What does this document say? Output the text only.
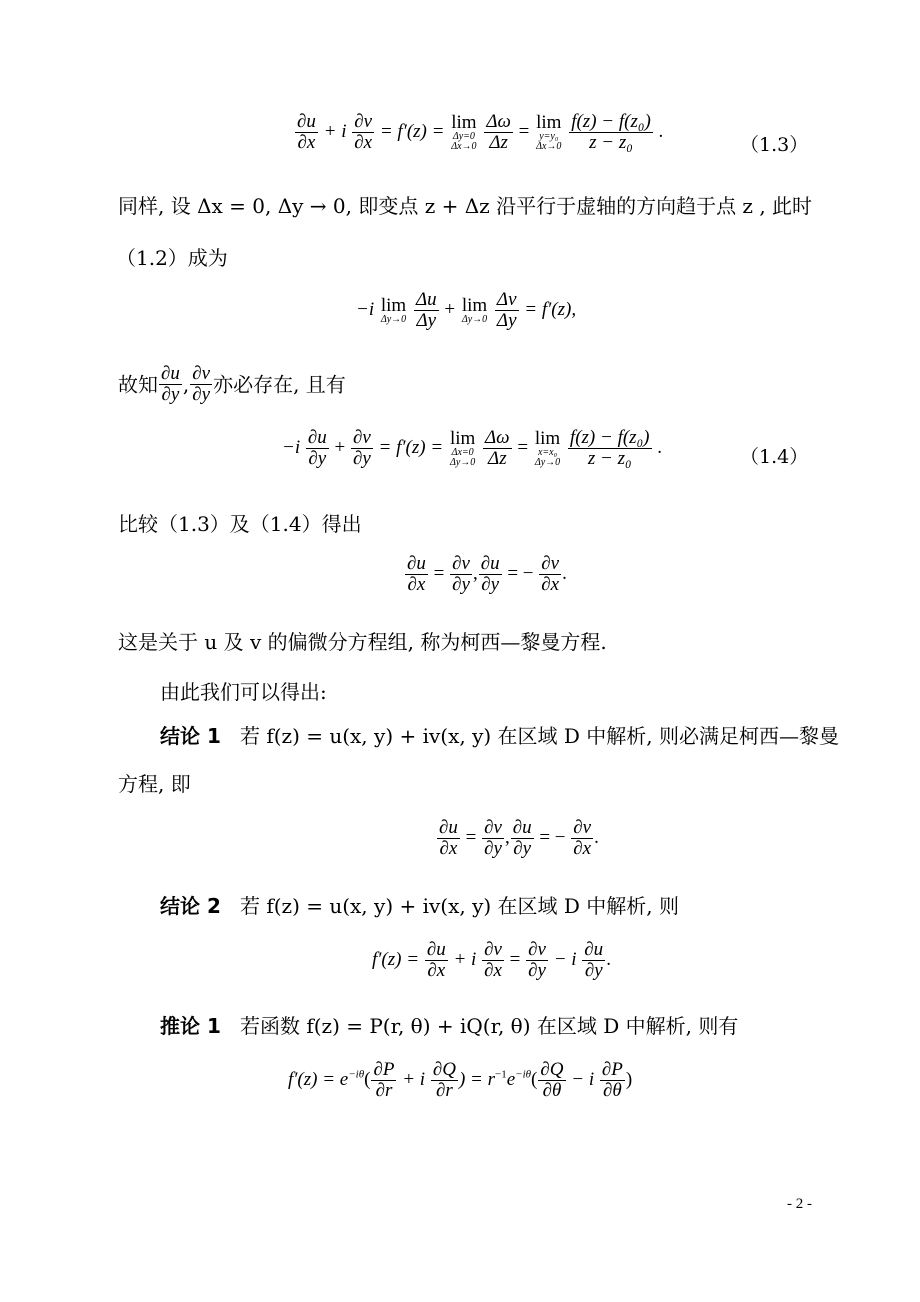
$\frac{\partial u}{\partial x} + i \frac{\partial v}{\partial x} = f'(z) = \lim$
Δy=0
Δx→0
$\frac{\Delta\omega}{\Delta z} = \lim$
y=y₀
Δx→0
$\frac{\text{f(z) − f(z₀)}}{\text{z − z₀}}$ .
（1.3）
同样, 设 Δx = 0, Δy → 0, 即变点 z + Δz 沿平行于虚轴的方向趋于点 z , 此时
（1.2）成为
−i lim
Δy→0
$\frac{\Delta u}{\Delta y} + \lim$
Δy→0
$\frac{\Delta v}{\Delta y} = f'(z)$,
故知 $\frac{\partial u}{\partial y}$ , $\frac{\partial v}{\partial y}$ 亦必存在, 且有
$-i \frac{\partial u}{\partial y} + \frac{\partial v}{\partial y} = f'(z) = \lim$
Δx=0
Δy→0
$\frac{\Delta\omega}{\Delta z} = \lim$
x=x₀
Δy→0
$\frac{\text{f(z) − f(z₀)}}{\text{z − z₀}}$ .	（1.4）
比较（1.3）及（1.4）得出
$\frac{\partial u}{\partial x} = \frac{\partial v}{\partial y}$ , $\frac{\partial u}{\partial y}$ = − $\frac{\partial v}{\partial x}$ .
这是关于 u 及 v 的偏微分方程组, 称为柯西—黎曼方程.
由此我们可以得出:
结论 1 若 f(z) = u(x, y) + iv(x, y) 在区域 D 中解析, 则必满足柯西—黎曼
方程, 即
$\frac{\partial u}{\partial x} = \frac{\partial v}{\partial y}$ , $\frac{\partial u}{\partial y}$ = − $\frac{\partial v}{\partial x}$ .
结论 2 若 f(z) = u(x, y) + iv(x, y) 在区域 D 中解析, 则
$f'(z) = \frac{\partial u}{\partial x} + i \frac{\partial v}{\partial x} = \frac{\partial v}{\partial y} - i \frac{\partial u}{\partial y}$ .
推论 1 若函数 f(z) = P(r, θ) + iQ(r, θ) 在区域 D 中解析, 则有
$f'(z) = e^{-i\theta}( \frac{\partial P}{\partial r} + i \frac{\partial Q}{\partial r}$ ) = $r^{-1}e^{-i\theta}( \frac{\partial Q}{\partial\theta} - i \frac{\partial P}{\partial\theta}$ )
- 2 -
